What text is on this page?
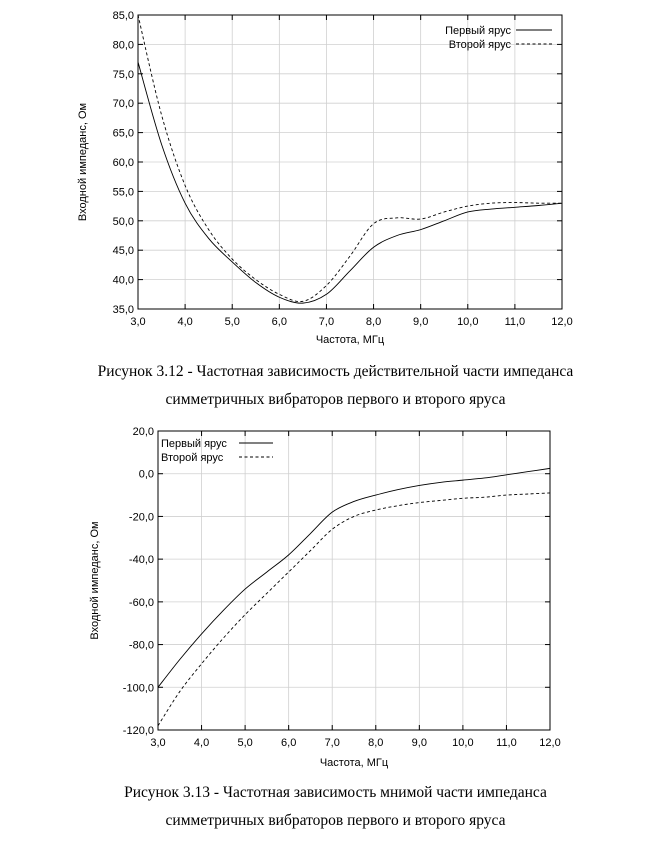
3,0	4,0	5,0	6,0	7,0	8,0	9,0	10,0 11,0 12,0
35,0
40,0
45,0
50,0
55,0
60,0
65,0
70,0
75,0
80,0
85,0
Частота, МГц
Входной импеданс, Ом
Первый ярус
Второй ярус
Рисунок 3.12 - Частотная зависимость действительной части импеданса
симметричных вибраторов первого и второго яруса
3,0	4,0	5,0	6,0	7,0	8,0	9,0 10,0 11,0 12,0
-120,0
-100,0
-80,0
-60,0
-40,0
-20,0
0,0
20,0
Частота, МГц
Входной импеданс, Ом
Первый ярус
Второй ярус
Рисунок 3.13 - Частотная зависимость мнимой части импеданса
симметричных вибраторов первого и второго яруса
